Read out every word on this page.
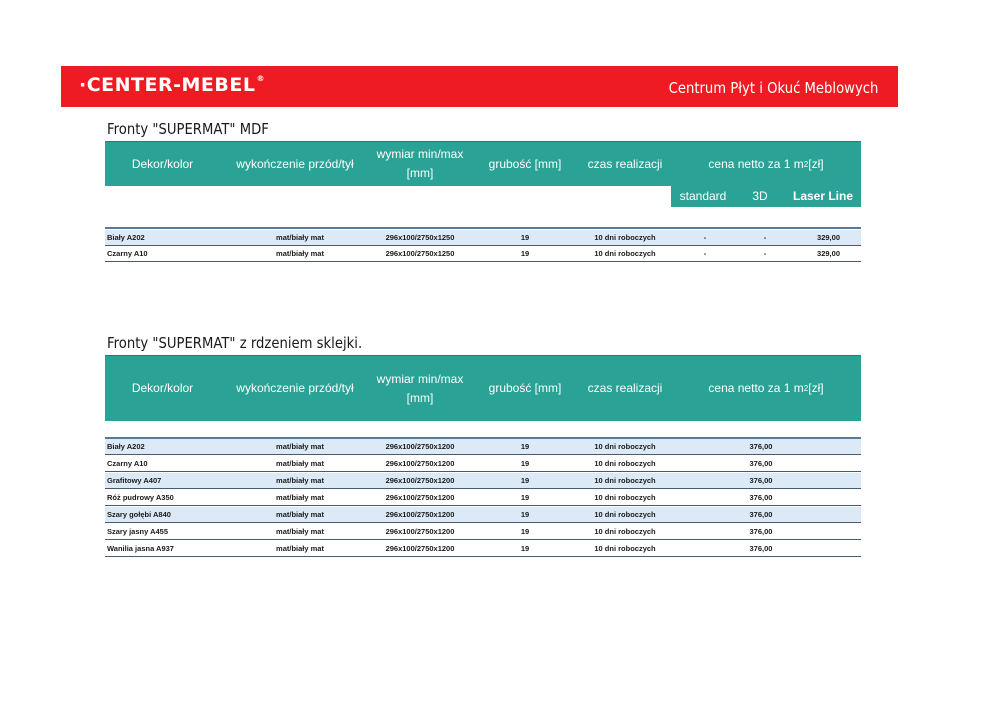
·CENTER-MEBEL®
Centrum Płyt i Okuć Meblowych
Fronty "SUPERMAT" MDF
Dekor/kolor	wykończenie przód/tył
wymiar min/max
[mm]
grubość [mm]	czas realizacji	cena netto za 1 m 2 [zł]
standard	3D	Laser Line
Biały A202	mat/biały mat	296x100/2750x1250	19	10 dni roboczych	-	-	329,00
Czarny A10	mat/biały mat	296x100/2750x1250	19	10 dni roboczych	-	-	329,00
Fronty "SUPERMAT" z rdzeniem sklejki.
Dekor/kolor	wykończenie przód/tył
wymiar min/max
[mm]
grubość [mm]	czas realizacji	cena netto za 1 m 2 [zł]
Biały A202	mat/biały mat	296x100/2750x1200	19	10 dni roboczych	376,00
Czarny A10	mat/biały mat	296x100/2750x1200	19	10 dni roboczych	376,00
Grafitowy A407	mat/biały mat	296x100/2750x1200	19	10 dni roboczych	376,00
Róż pudrowy A350	mat/biały mat	296x100/2750x1200	19	10 dni roboczych	376,00
Szary gołębi A840	mat/biały mat	296x100/2750x1200	19	10 dni roboczych	376,00
Szary jasny A455	mat/biały mat	296x100/2750x1200	19	10 dni roboczych	376,00
Wanilia jasna A937	mat/biały mat	296x100/2750x1200	19	10 dni roboczych	376,00
